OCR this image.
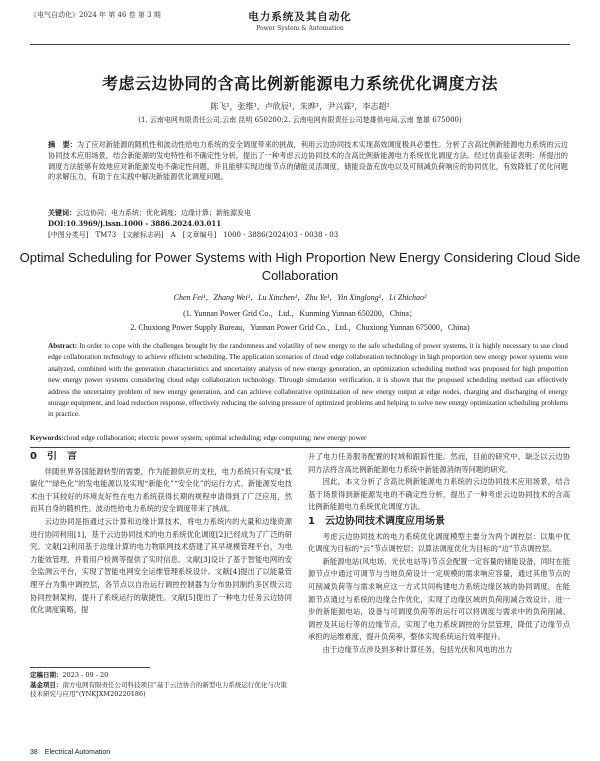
《电气自动化》2024 年 第 46 卷 第 3 期	电力系统及其自动化
Power System & Automation
考虑云边协同的含高比例新能源电力系统优化调度方法
陈飞¹，张维¹，卢欣辰¹，朱晔¹，尹兴霖²，李志超²
(1. 云南电网有限责任公司,云南 昆明 650200;2. 云南电网有限责任公司楚雄供电局,云南 楚雄 675000)
摘　要：为了应对新能源的随机性和波动性给电力系统的安全调度带来的挑战，利用云边协同技术实现高效调度极具必要性。分析了含高比例新能源电力系统的云边协同技术应用场景，结合新能源的发电特性和不确定性分析，提出了一种考虑云边协同技术的含高比例新能源电力系统优化调度方法。经过仿真验证表明：所提出的调度方法能够有效地应对新能源发电不确定性问题，并且能够实现边缘节点的储能灵活调度，储能设备充放电以及可削减负荷响应的协同优化，有效降低了优化问题的求解压力，有助于在实践中解决新能源优化调度问题。
关键词：云边协同；电力系统；优化调度；边缘计算；新能源发电
DOI:10.3969/j.issn.1000 - 3886.2024.03.011
[中图分类号]　TM73　[文献标志码]　A　[文章编号]　1000 - 3886(2024)03 - 0038 - 03
Optimal Scheduling for Power Systems with High Proportion New Energy Considering Cloud Side Collaboration
Chen Fei¹，Zhang Wei¹，Lu Xinchen¹，Zhu Ye¹，Yin Xinglong²，Li Zhichao²
(1. Yunnan Power Grid Co.，Ltd.，Kunming Yunnan 650200，China；
2. Chuxiong Power Supply Bureau，Yunnan Power Grid Co.，Ltd.，Chuxiong Yunnan 675000，China)
Abstract: In order to cope with the challenges brought by the randomness and volatility of new energy to the safe scheduling of power systems, it is highly necessary to use cloud edge collaboration technology to achieve efficient scheduling. The application scenarios of cloud edge collaboration technology in high proportion new energy power systems were analyzed, combined with the generation characteristics and uncertainty analysis of new energy generation, an optimization scheduling method was proposed for high proportion new energy power systems considering cloud edge collaboration technology. Through simulation verification, it is shown that the proposed scheduling method can effectively address the uncertainty problem of new energy generation, and can achieve collaborative optimization of new energy output at edge nodes, charging and discharging of energy storage equipment, and load reduction response, effectively reducing the solving pressure of optimized problems and helping to solve new energy optimization scheduling problems in practice.
Keywords:cloud edge collaboration; electric power system; optimal scheduling; edge computing; new energy power
0　引　言

伴随世界各国能源转型的需要，作为能源供应的支柱，电力系统只有实现“低碳化”“绿色化”的发电能源以及实现“新能化”“安全化”的运行方式。新能源发电技术由于其较好的环境友好性在电力系统获得长期的规程申请得到了广泛应用，然而其自身的随机性、波动性给电力系统的安全调度带来了挑战。

云边协同是指通过云计算和边缘计算技术，将电力系统内的大量和边缘资源进行协同利用[1]，基于云边协同技术的电力系统优化调度[2]已经成为了广泛的研究。文献[2]利用基于边缘计算的电力物联网技术搭建了其早规模管理平台，为电力能效管理，并着用户检测等提供了实时信息。文献[3]设计了基于智能电网的安全监测云平台，实现了智能电网安全运维管理系统设计。文献[4]提出了以能量管理平台为集中调控层，各节点以自治运行调控控制器为分布协同制约多区级云边协同控制架构，提升了系统运行的敏捷性。文献[5]提出了一种电力任务云边协同优化调度策略，提

定稿日期：2023 - 09 - 20
基金项目：南方电网有限责任公司科技项目“基于云边协合的新型电力系统运行优化与决策技术研究与应用”(YNKJXM20220186)

升了电力任务服务配置的时域和跟踪性能。然而，目前的研究中，缺乏以云边协同方法将含高比例新能源电力系统中新能源消纳等问题的研究。

因此，本文分析了含高比例新能源电力系统的云边协同技术应用场景，结合基于场景得到新能源发电的不确定性分析，提出了一种考虑云边协同技术的含高比例新能源电力系统优化调度方法。

1　云边协同技术调度应用场景

考虑云边协同技术的电力系统优化调度模型主要分为两个调控层：以集中优化调度为目标的“云”节点调控层；以算法调度优化为目标的“边”节点调控层。

新能源电站(风电场、光伏电站等)节点会配置一定容量的储能设备，同时在能源节点中通过可调节与当地负荷设计一定规模的需求响应容量，通过其他节点的可削减负荷等与需求响应这一方式共同构建电力系统边缘区域的协同调度，在能源节点通过与系统的边缘合作优化，实现了边缘区域的负荷削减合效设计。进一步的新能源电站，设备与可调度负荷等的运行可以将调度与需求中的负荷削减、调控及其运行等的边缘节点，实现了电力系统调控的分层管理，降低了边缘节点承担的运维难度，提升负荷率，整体实现系统运行效率提升。

由于边缘节点涉及到多种计算任务，包括光伏和风电的出力

38　Electrical Automation
